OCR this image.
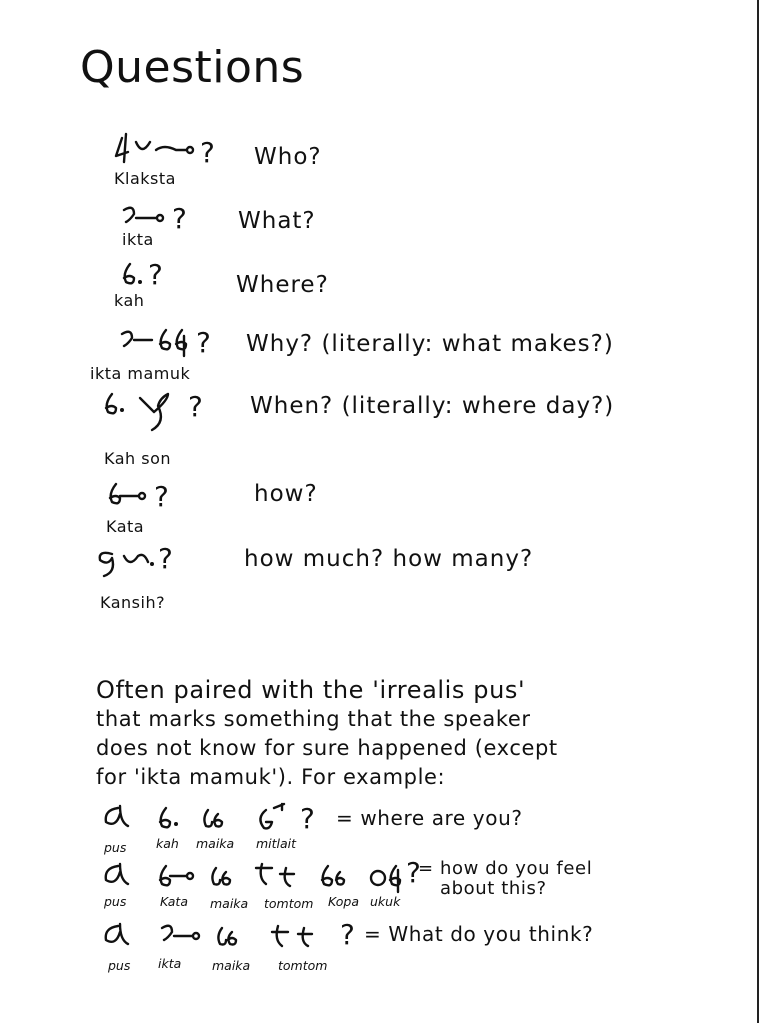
Questions
?
Klaksta
Who?
?
ikta
What?
?
kah
Where?
?
ikta mamuk
Why? (literally: what makes?)
?
Kah son
When? (literally: where day?)
?
Kata
how?
?
Kansih?
how much? how many?
Often paired with the 'irrealis pus'
that marks something that the speaker
does not know for sure happened (except
for 'ikta mamuk'). For example:
?
pus kah maika mitlait
= where are you?
?
pus	Kata maika tomtom Kopa ukuk
= how do you feel
about this?
?
pus ikta maika tomtom
= What do you think?
